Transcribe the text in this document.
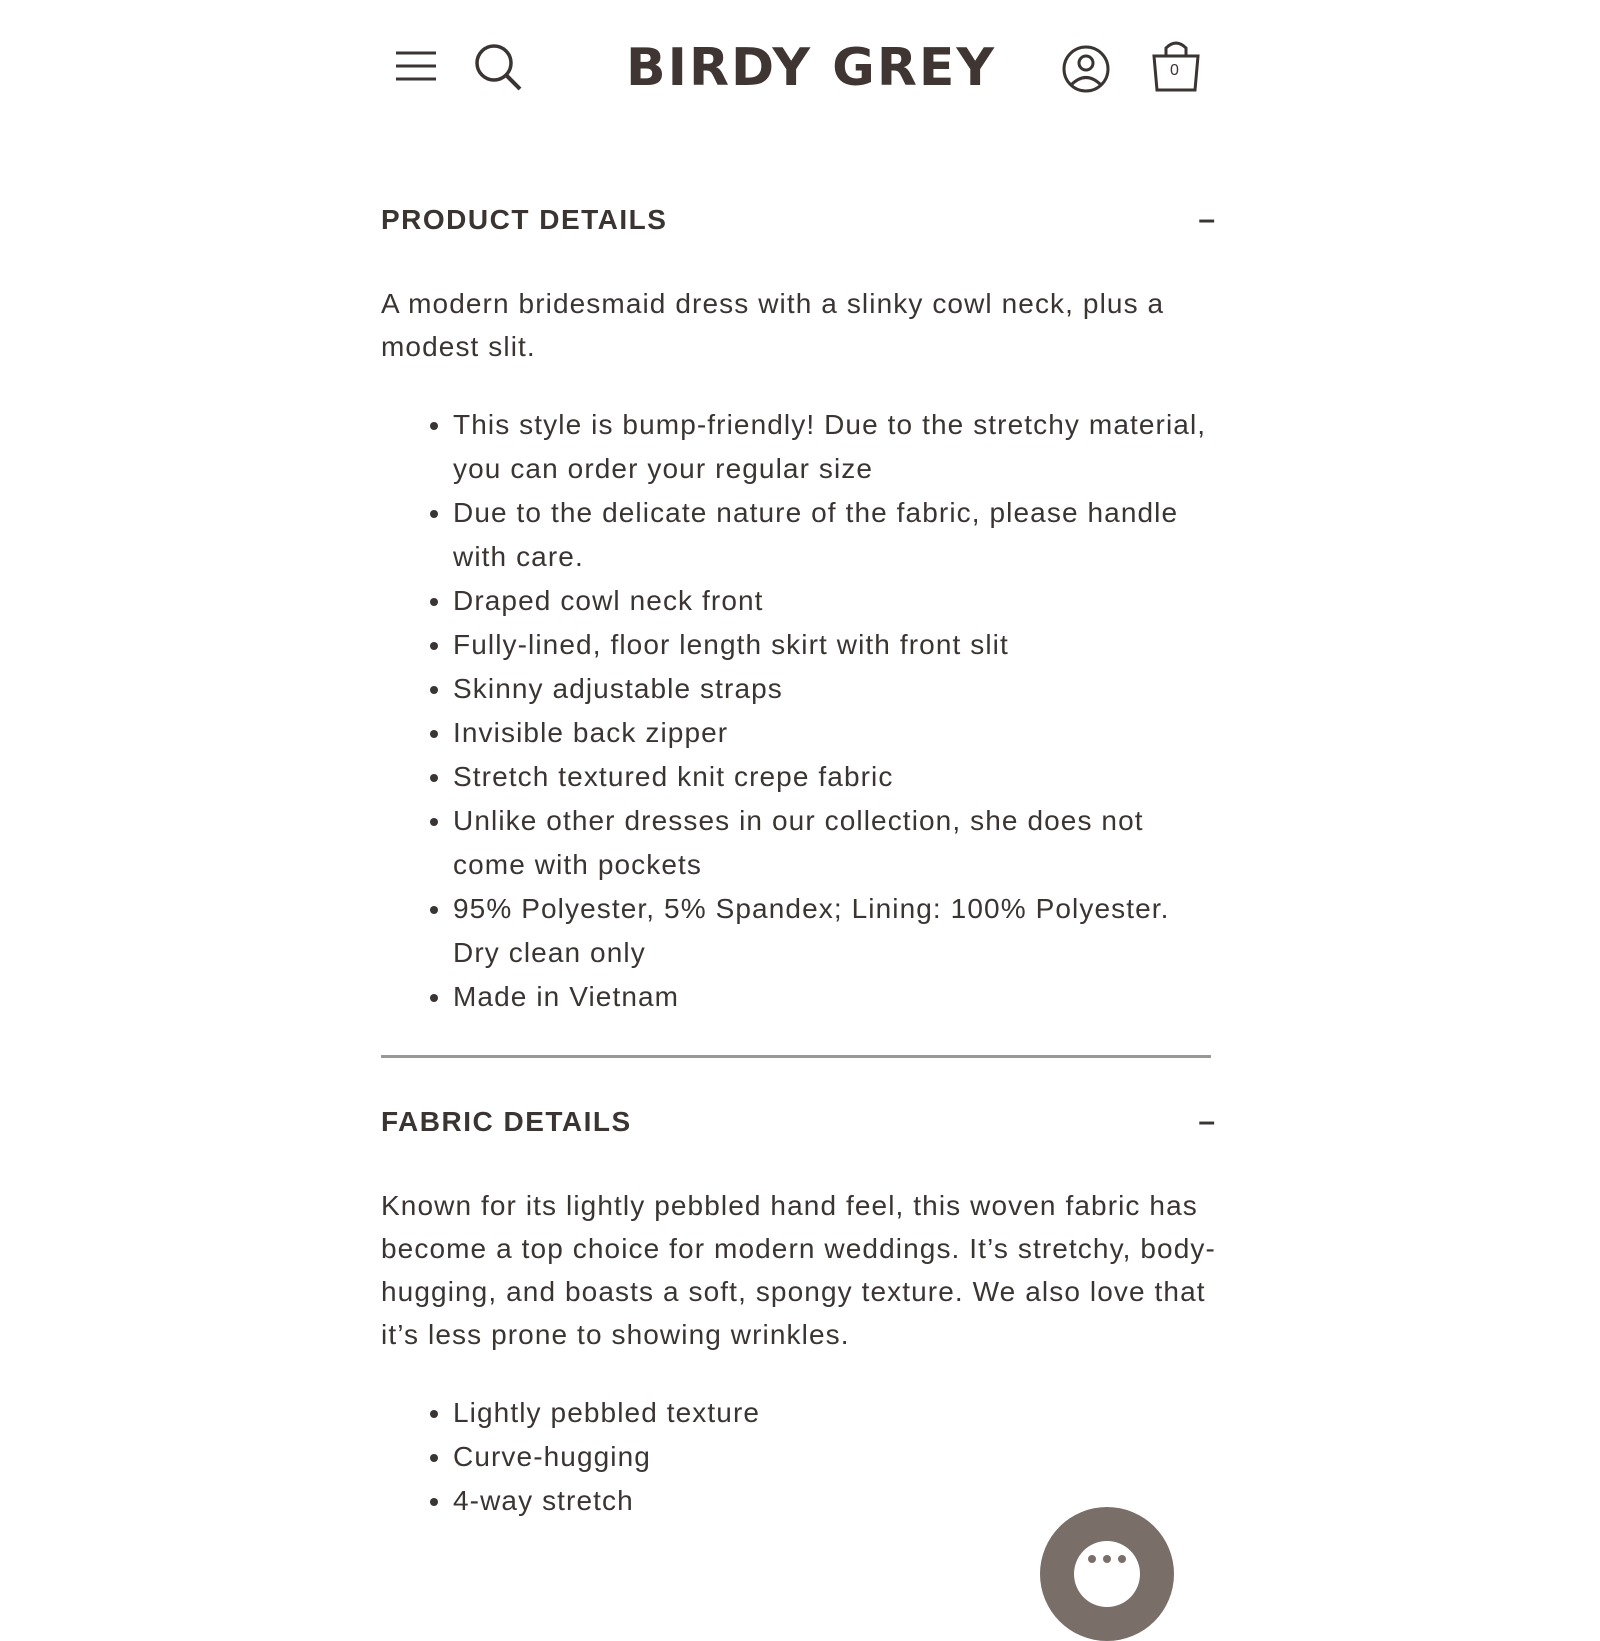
BIRDY GREY	0
PRODUCT DETAILS	–

A modern bridesmaid dress with a slinky cowl neck, plus a modest slit.

• This style is bump-friendly! Due to the stretchy material, you can order your regular size
• Due to the delicate nature of the fabric, please handle with care.
• Draped cowl neck front
• Fully-lined, floor length skirt with front slit
• Skinny adjustable straps
• Invisible back zipper
• Stretch textured knit crepe fabric
• Unlike other dresses in our collection, she does not come with pockets
• 95% Polyester, 5% Spandex; Lining: 100% Polyester. Dry clean only
• Made in Vietnam
FABRIC DETAILS	–

Known for its lightly pebbled hand feel, this woven fabric has become a top choice for modern weddings. It’s stretchy, body-hugging, and boasts a soft, spongy texture. We also love that it’s less prone to showing wrinkles.

• Lightly pebbled texture
• Curve-hugging
• 4-way stretch
